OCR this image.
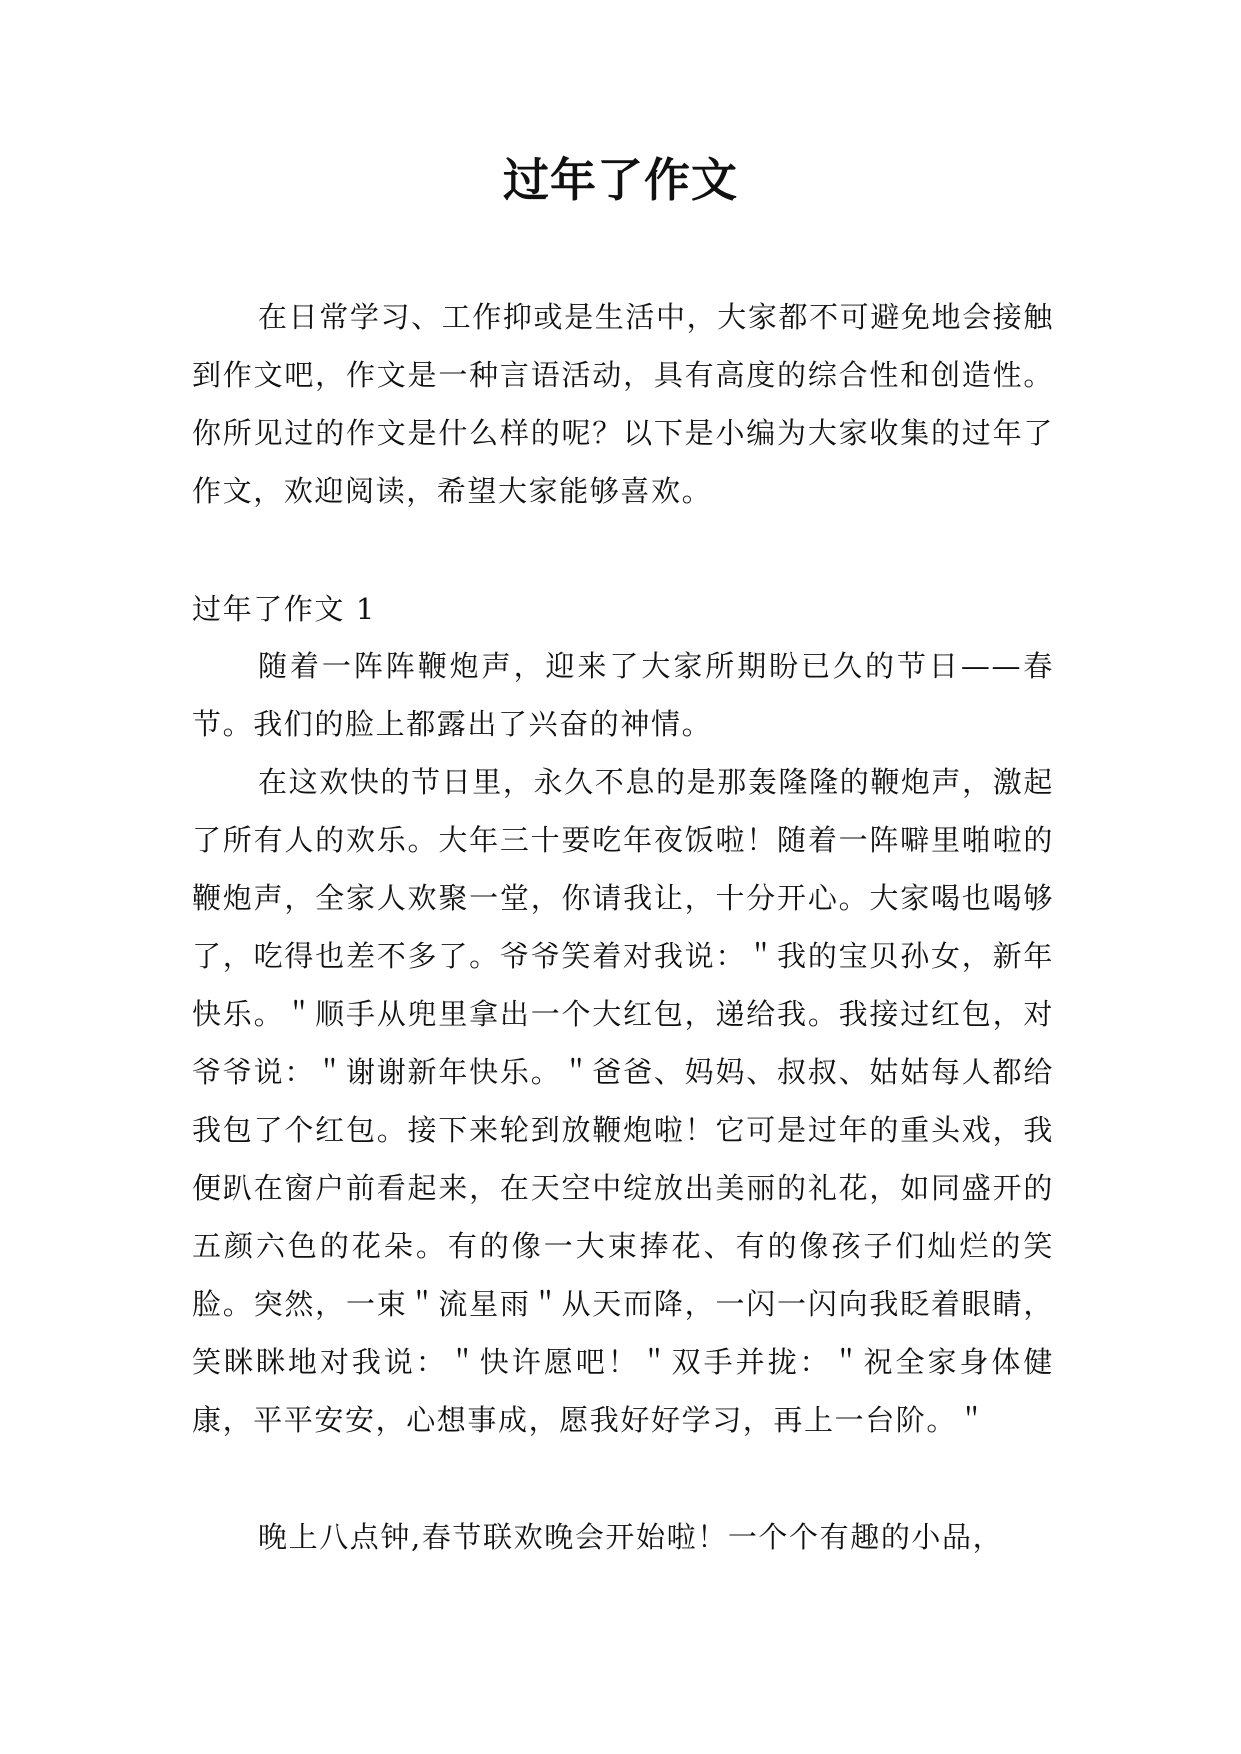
过年了作文

在日常学习、工作抑或是生活中，大家都不可避免地会接触到作文吧，作文是一种言语活动，具有高度的综合性和创造性。你所见过的作文是什么样的呢？以下是小编为大家收集的过年了作文，欢迎阅读，希望大家能够喜欢。

过年了作文 1

随着一阵阵鞭炮声，迎来了大家所期盼已久的节日——春节。我们的脸上都露出了兴奋的神情。

在这欢快的节日里，永久不息的是那轰隆隆的鞭炮声，激起了所有人的欢乐。大年三十要吃年夜饭啦！随着一阵噼里啪啦的鞭炮声，全家人欢聚一堂，你请我让，十分开心。大家喝也喝够了，吃得也差不多了。爷爷笑着对我说：＂我的宝贝孙女，新年快乐。＂顺手从兜里拿出一个大红包，递给我。我接过红包，对爷爷说：＂谢谢新年快乐。＂爸爸、妈妈、叔叔、姑姑每人都给我包了个红包。接下来轮到放鞭炮啦！它可是过年的重头戏，我便趴在窗户前看起来，在天空中绽放出美丽的礼花，如同盛开的五颜六色的花朵。有的像一大束捧花、有的像孩子们灿烂的笑脸。突然，一束＂流星雨＂从天而降，一闪一闪向我眨着眼睛，笑眯眯地对我说：＂快许愿吧！＂双手并拢：＂祝全家身体健康，平平安安，心想事成，愿我好好学习，再上一台阶。＂

晚上八点钟,春节联欢晚会开始啦！一个个有趣的小品，
